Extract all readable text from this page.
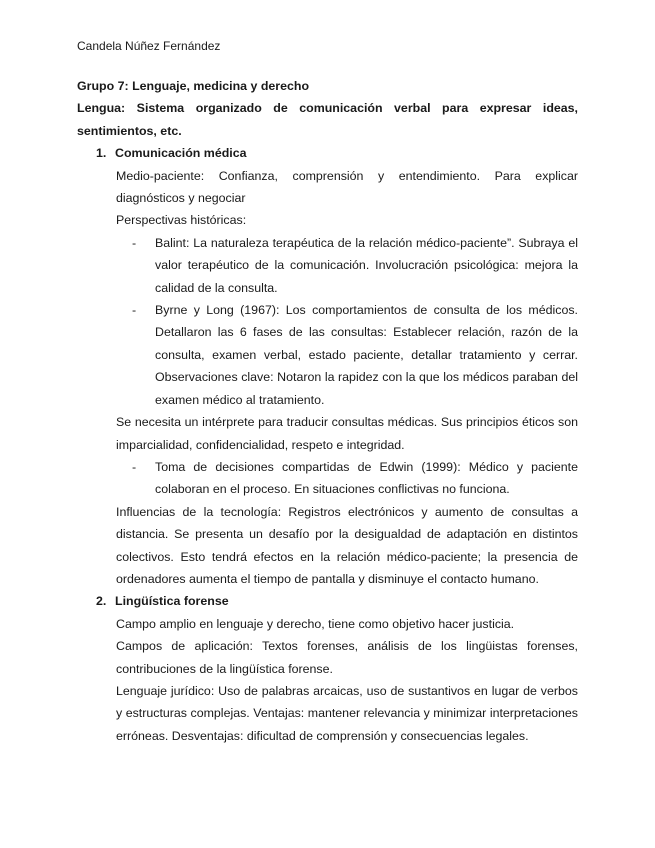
Candela Núñez Fernández
Grupo 7: Lenguaje, medicina y derecho
Lengua: Sistema organizado de comunicación verbal para expresar ideas, sentimientos, etc.
1. Comunicación médica
Medio-paciente: Confianza, comprensión y entendimiento. Para explicar diagnósticos y negociar
Perspectivas históricas:
- Balint: La naturaleza terapéutica de la relación médico-paciente”. Subraya el valor terapéutico de la comunicación. Involucración psicológica: mejora la calidad de la consulta.
- Byrne y Long (1967): Los comportamientos de consulta de los médicos. Detallaron las 6 fases de las consultas: Establecer relación, razón de la consulta, examen verbal, estado paciente, detallar tratamiento y cerrar. Observaciones clave: Notaron la rapidez con la que los médicos paraban del examen médico al tratamiento.
Se necesita un intérprete para traducir consultas médicas. Sus principios éticos son imparcialidad, confidencialidad, respeto e integridad.
- Toma de decisiones compartidas de Edwin (1999): Médico y paciente colaboran en el proceso. En situaciones conflictivas no funciona.
Influencias de la tecnología: Registros electrónicos y aumento de consultas a distancia. Se presenta un desafío por la desigualdad de adaptación en distintos colectivos. Esto tendrá efectos en la relación médico-paciente; la presencia de ordenadores aumenta el tiempo de pantalla y disminuye el contacto humano.
2. Lingüística forense
Campo amplio en lenguaje y derecho, tiene como objetivo hacer justicia.
Campos de aplicación: Textos forenses, análisis de los lingüistas forenses, contribuciones de la lingüística forense.
Lenguaje jurídico: Uso de palabras arcaicas, uso de sustantivos en lugar de verbos y estructuras complejas. Ventajas: mantener relevancia y minimizar interpretaciones erróneas. Desventajas: dificultad de comprensión y consecuencias legales.
